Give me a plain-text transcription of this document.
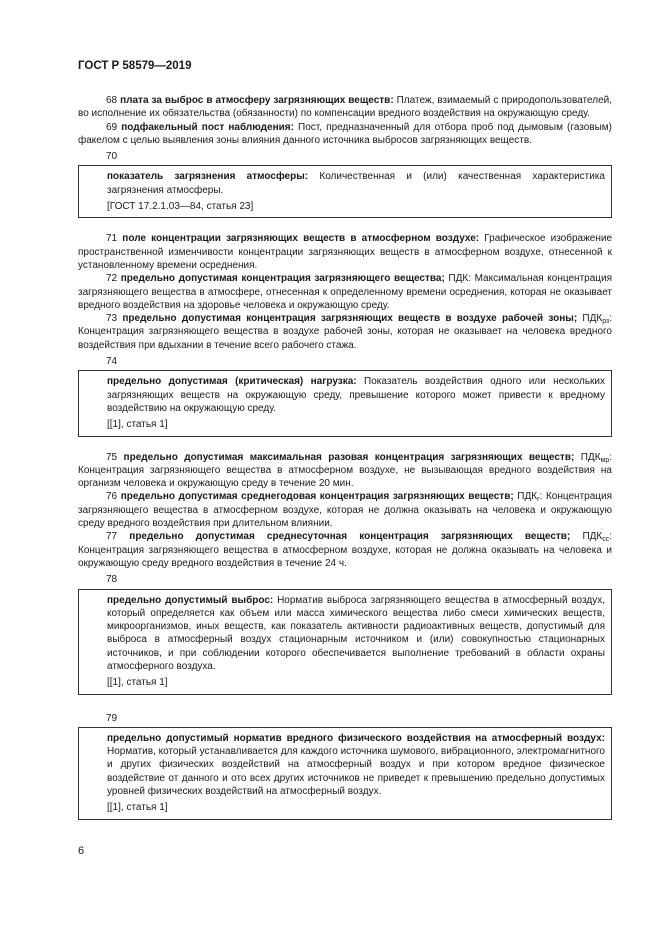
ГОСТ Р 58579—2019

68 плата за выброс в атмосферу загрязняющих веществ: Платеж, взимаемый с природопользователей, во исполнение их обязательства (обязанности) по компенсации вредного воздействия на окружающую среду.

69 подфакельный пост наблюдения: Пост, предназначенный для отбора проб под дымовым (газовым) факелом с целью выявления зоны влияния данного источника выбросов загрязняющих веществ.

70

показатель загрязнения атмосферы: Количественная и (или) качественная характеристика загрязнения атмосферы.

[ГОСТ 17.2.1.03—84, статья 23]

71 поле концентрации загрязняющих веществ в атмосферном воздухе: Графическое изображение пространственной изменчивости концентрации загрязняющих веществ в атмосферном воздухе, отнесенной к установленному времени осреднения.

72 предельно допустимая концентрация загрязняющего вещества; ПДК: Максимальная концентрация загрязняющего вещества в атмосфере, отнесенная к определенному времени осреднения, которая не оказывает вредного воздействия на здоровье человека и окружающую среду.

73 предельно допустимая концентрация загрязняющих веществ в воздухе рабочей зоны; $ПДК_{рз}$: Концентрация загрязняющего вещества в воздухе рабочей зоны, которая не оказывает на человека вредного воздействия при вдыхании в течение всего рабочего стажа.

74

предельно допустимая (критическая) нагрузка: Показатель воздействия одного или нескольких загрязняющих веществ на окружающую среду, превышение которого может привести к вредному воздействию на окружающую среду.

[[1], статья 1]

75 предельно допустимая максимальная разовая концентрация загрязняющих веществ; $ПДК_{мр}$: Концентрация загрязняющего вещества в атмосферном воздухе, не вызывающая вредного воздействия на организм человека и окружающую среду в течение 20 мин.

76 предельно допустимая среднегодовая концентрация загрязняющих веществ; $ПДК_г$: Концентрация загрязняющего вещества в атмосферном воздухе, которая не должна оказывать на человека и окружающую среду вредного воздействия при длительном влиянии.

77 предельно допустимая среднесуточная концентрация загрязняющих веществ; $ПДК_{сс}$: Концентрация загрязняющего вещества в атмосферном воздухе, которая не должна оказывать на человека и окружающую среду вредного воздействия в течение 24 ч.

78

предельно допустимый выброс: Норматив выброса загрязняющего вещества в атмосферный воздух, который определяется как объем или масса химического вещества либо смеси химических веществ, микроорганизмов, иных веществ, как показатель активности радиоактивных веществ, допустимый для выброса в атмосферный воздух стационарным источником и (или) совокупностью стационарных источников, и при соблюдении которого обеспечивается выполнение требований в области охраны атмосферного воздуха.

[[1], статья 1]

79

предельно допустимый норматив вредного физического воздействия на атмосферный воздух: Норматив, который устанавливается для каждого источника шумового, вибрационного, электромагнитного и других физических воздействий на атмосферный воздух и при котором вредное физическое воздействие от данного и ото всех других источников не приведет к превышению предельно допустимых уровней физических воздействий на атмосферный воздух.

[[1], статья 1]

6
